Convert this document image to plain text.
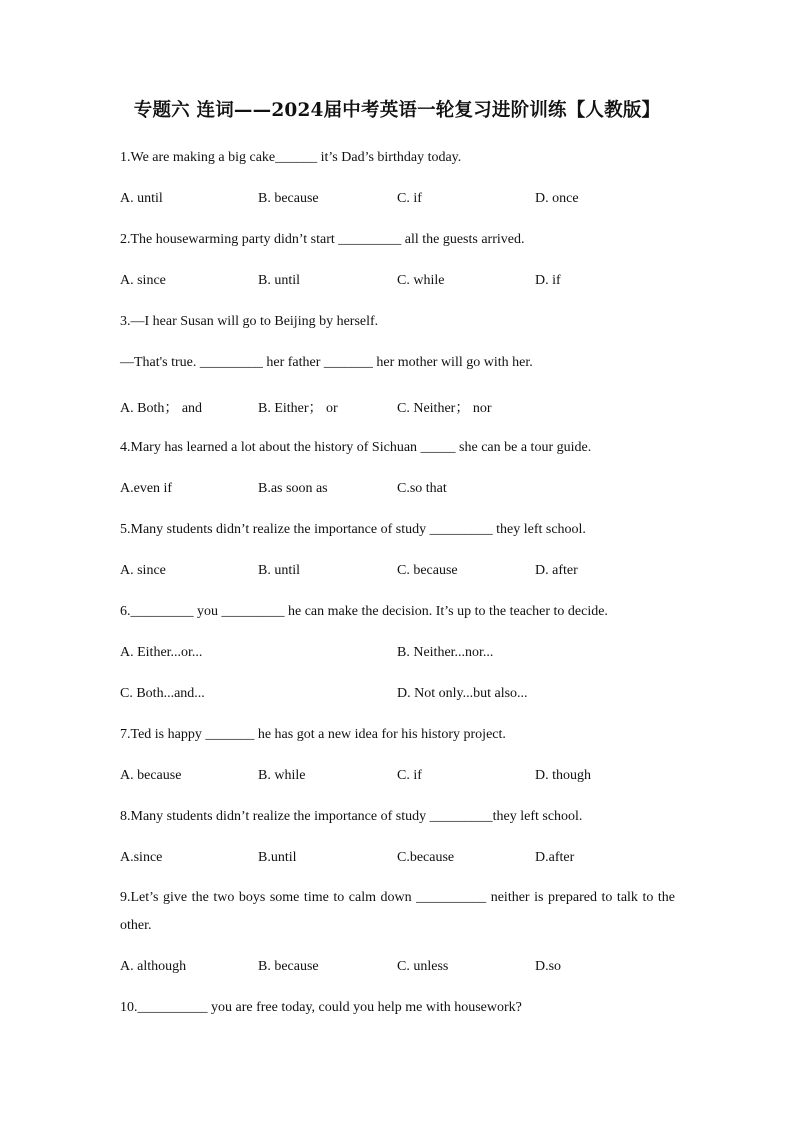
专题六 连词——2024届中考英语一轮复习进阶训练【人教版】
1.We are making a big cake______ it’s Dad’s birthday today.
A. until	B. because	C. if	D. once
2.The housewarming party didn’t start _________ all the guests arrived.
A. since	B. until	C. while	D. if
3.—I hear Susan will go to Beijing by herself.
—That's true. _________ her father _______ her mother will go with her.
A. Both； and	B. Either； or	C. Neither； nor
4.Mary has learned a lot about the history of Sichuan _____ she can be a tour guide.
A.even if	B.as soon as	C.so that
5.Many students didn’t realize the importance of study _________ they left school.
A. since	B. until	C. because	D. after
6._________ you _________ he can make the decision. It’s up to the teacher to decide.
A. Either...or...	B. Neither...nor...
C. Both...and...	D. Not only...but also...
7.Ted is happy _______ he has got a new idea for his history project.
A. because	B. while	C. if	D. though
8.Many students didn’t realize the importance of study _________they left school.
A.since	B.until	C.because	D.after
9.Let’s give the two boys some time to calm down __________ neither is prepared to talk to the other.
A. although	B. because	C. unless	D.so
10.__________ you are free today, could you help me with housework?
